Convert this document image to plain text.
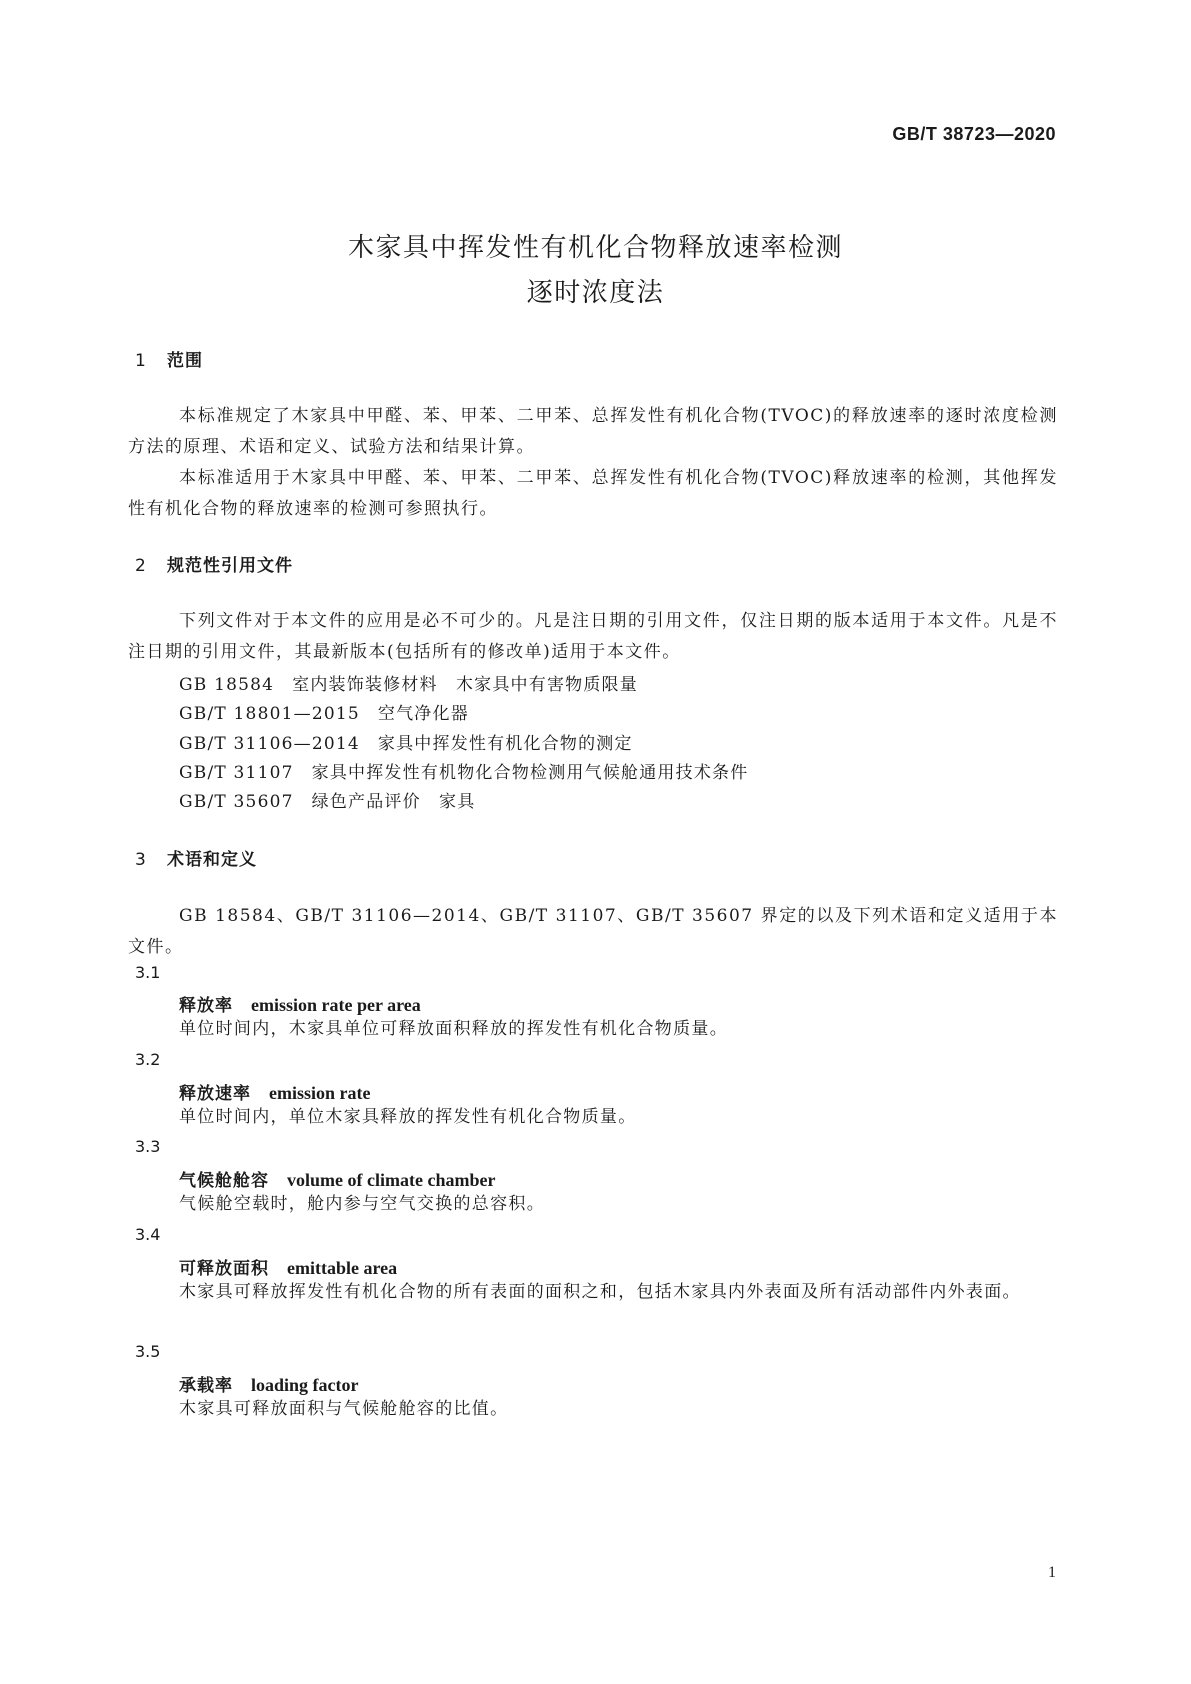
GB/T 38723—2020
木家具中挥发性有机化合物释放速率检测
逐时浓度法
1 范围
本标准规定了木家具中甲醛、苯、甲苯、二甲苯、总挥发性有机化合物(TVOC)的释放速率的逐时浓度检测方法的原理、术语和定义、试验方法和结果计算。
本标准适用于木家具中甲醛、苯、甲苯、二甲苯、总挥发性有机化合物(TVOC)释放速率的检测，其他挥发性有机化合物的释放速率的检测可参照执行。
2 规范性引用文件
下列文件对于本文件的应用是必不可少的。凡是注日期的引用文件，仅注日期的版本适用于本文件。凡是不注日期的引用文件，其最新版本(包括所有的修改单)适用于本文件。
GB 18584 室内装饰装修材料　木家具中有害物质限量
GB/T 18801—2015 空气净化器
GB/T 31106—2014 家具中挥发性有机化合物的测定
GB/T 31107 家具中挥发性有机物化合物检测用气候舱通用技术条件
GB/T 35607 绿色产品评价　家具
3 术语和定义
GB 18584、GB/T 31106—2014、GB/T 31107、GB/T 35607 界定的以及下列术语和定义适用于本文件。
3.1
释放率 emission rate per area
单位时间内，木家具单位可释放面积释放的挥发性有机化合物质量。
3.2
释放速率 emission rate
单位时间内，单位木家具释放的挥发性有机化合物质量。
3.3
气候舱舱容 volume of climate chamber
气候舱空载时，舱内参与空气交换的总容积。
3.4
可释放面积 emittable area
木家具可释放挥发性有机化合物的所有表面的面积之和，包括木家具内外表面及所有活动部件内外表面。
3.5
承载率 loading factor
木家具可释放面积与气候舱舱容的比值。
1
